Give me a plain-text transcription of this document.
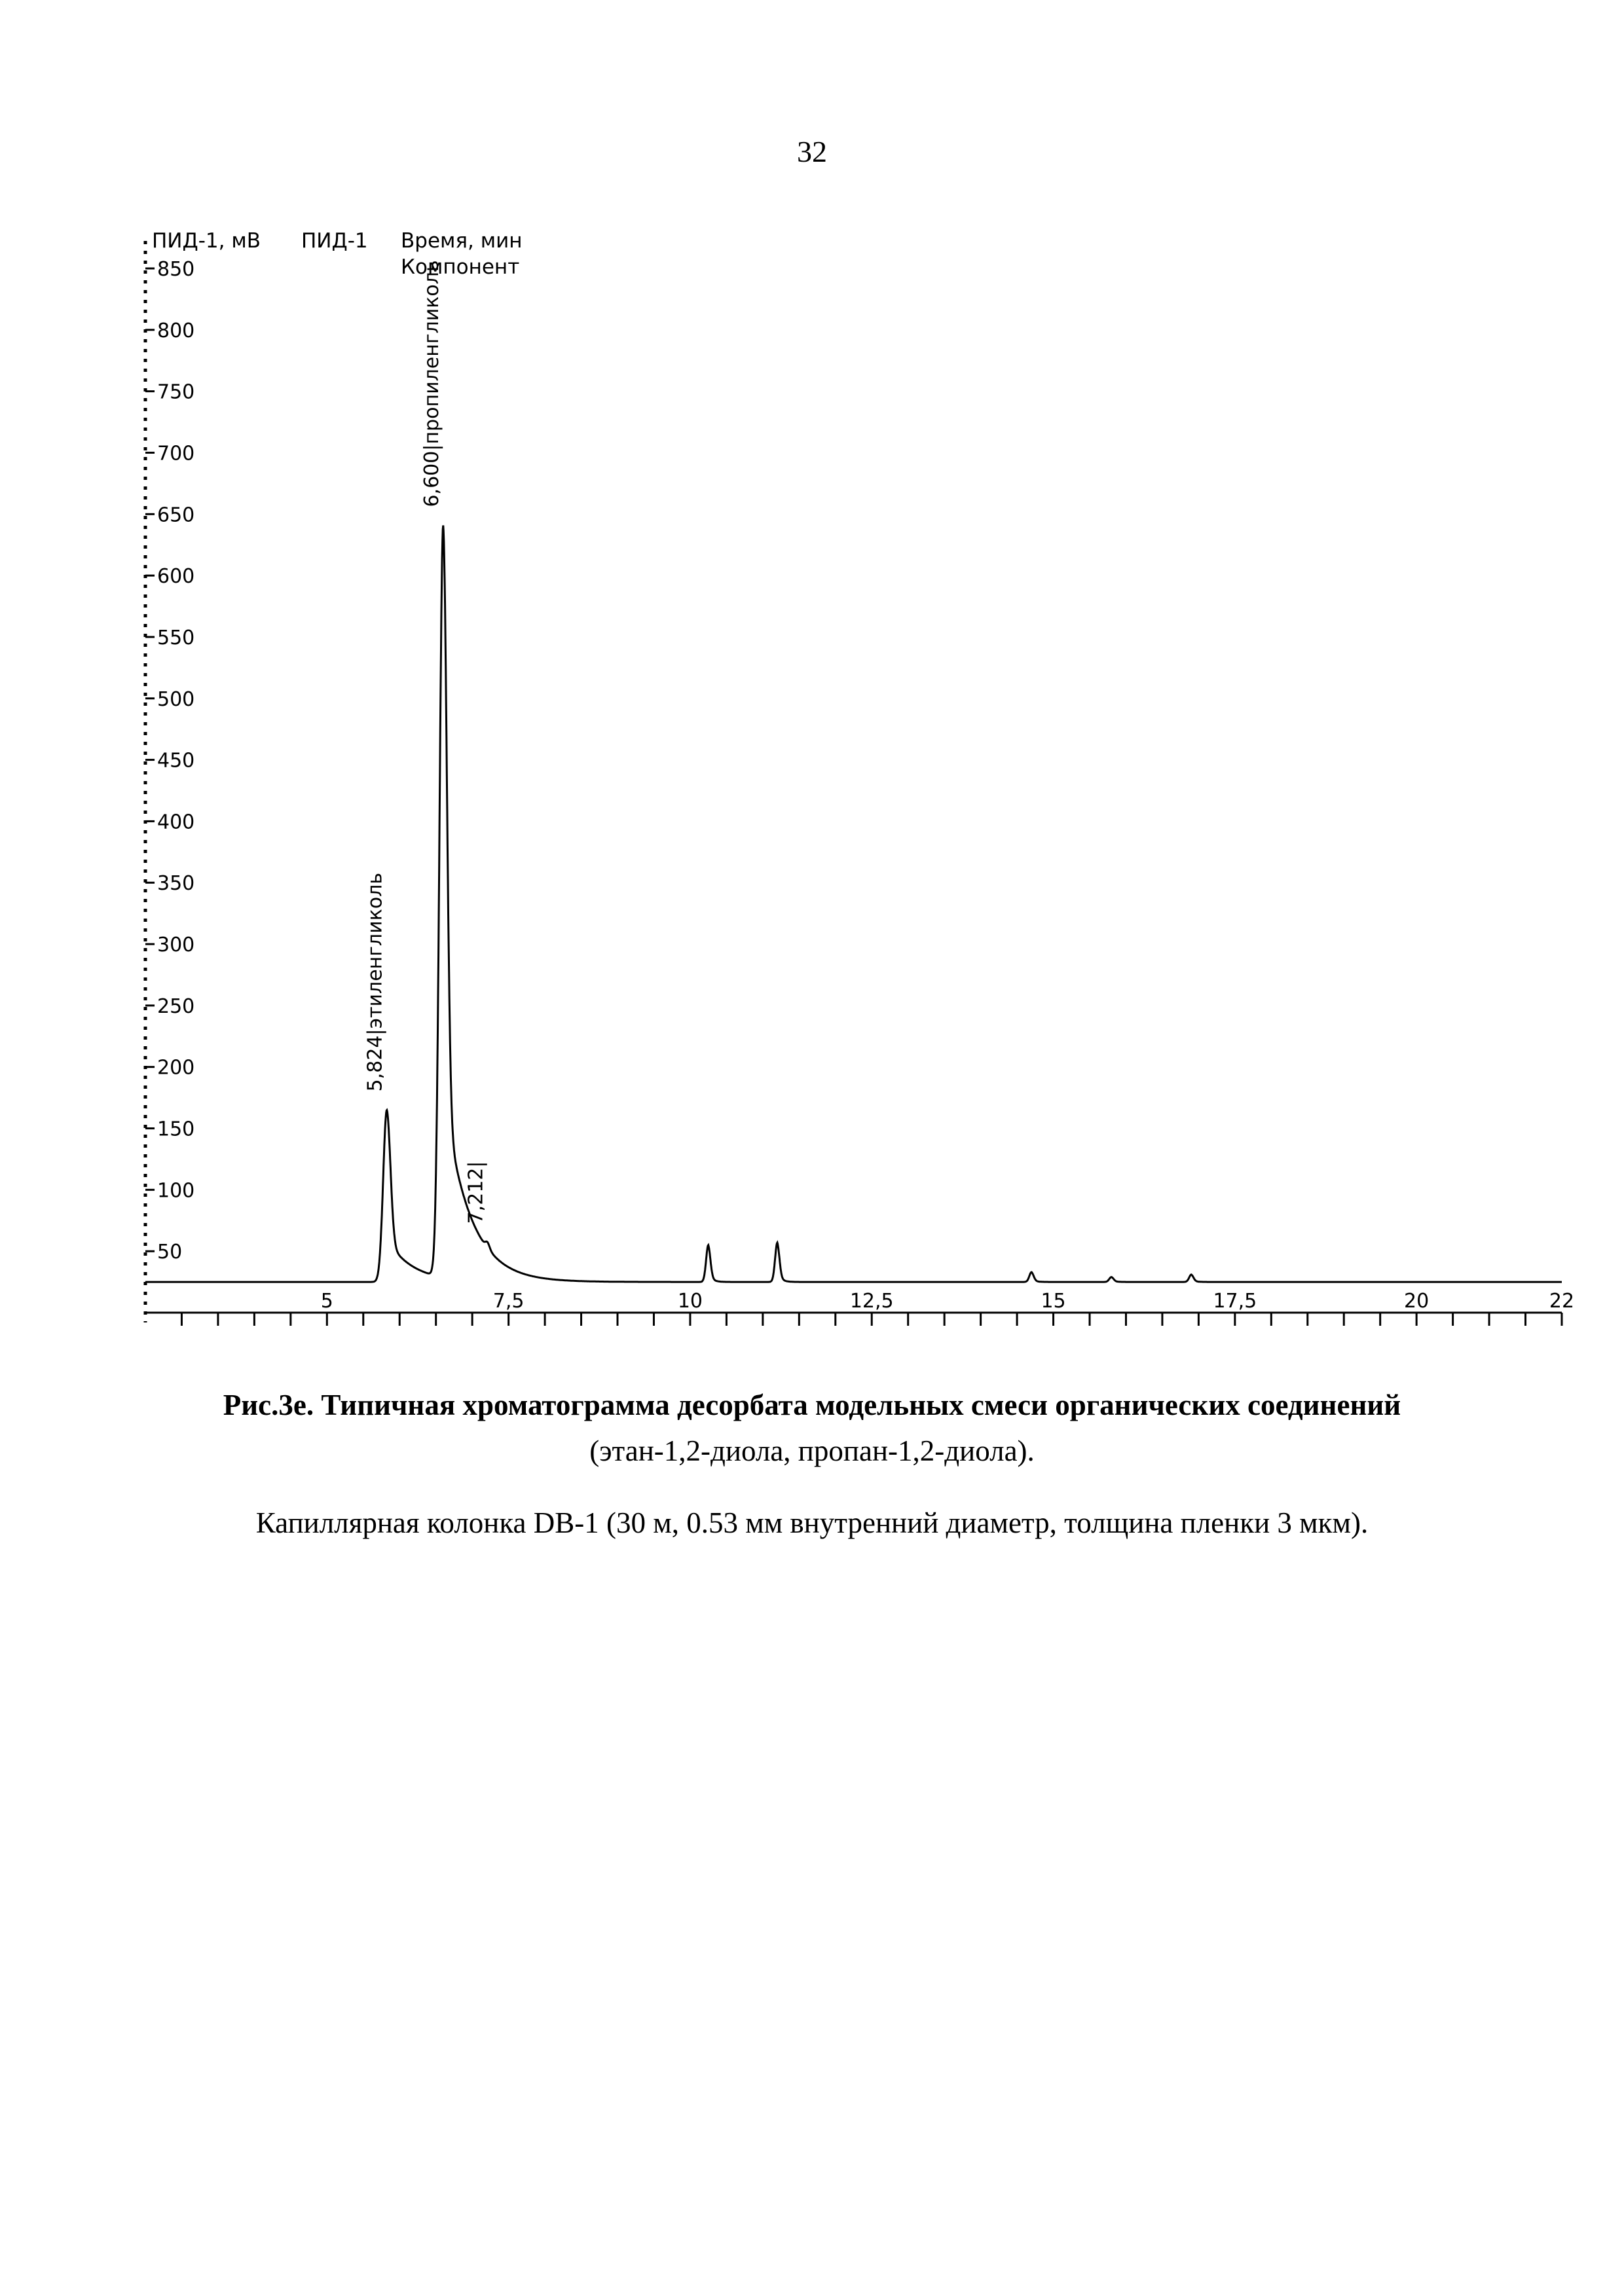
32
850
800
750
700
650
600
550
500
450
400
350
300
250
200
150
100
50
5	7,5	10	12,5	15	17,5	20	22
5,824|этиленгликоль
6,600|пропиленгликоль
7,212|
ПИД-1, мВ ПИД-1 Время, мин
Компонент
Рис.3е. Типичная хроматограмма десорбата модельных смеси органических соединений
(этан-1,2-диола, пропан-1,2-диола).
Капиллярная колонка DB-1 (30 м, 0.53 мм внутренний диаметр, толщина пленки 3 мкм).
